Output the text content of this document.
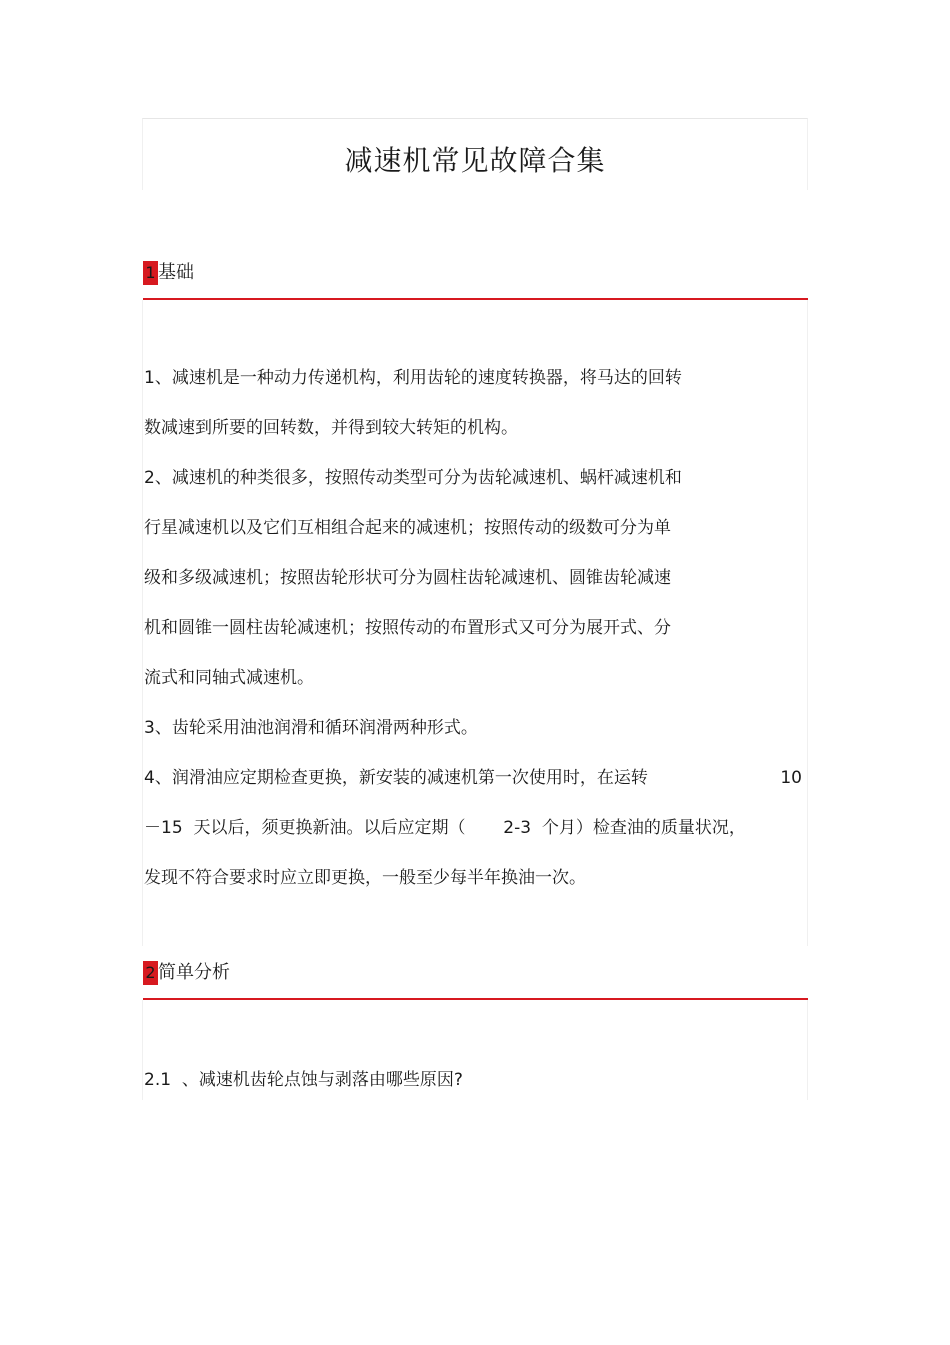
减速机常见故障合集
1 基础
1、减速机是一种动力传递机构，利用齿轮的速度转换器，将马达的回转
数减速到所要的回转数，并得到较大转矩的机构。
2、减速机的种类很多，按照传动类型可分为齿轮减速机、蜗杆减速机和
行星减速机以及它们互相组合起来的减速机；按照传动的级数可分为单
级和多级减速机；按照齿轮形状可分为圆柱齿轮减速机、圆锥齿轮减速
机和圆锥一圆柱齿轮减速机；按照传动的布置形式又可分为展开式、分
流式和同轴式减速机。
3、齿轮采用油池润滑和循环润滑两种形式。
4、润滑油应定期检查更换，新安装的减速机第一次使用时，在运转	10
－15  天以后，须更换新油。以后应定期（       2-3  个月）检查油的质量状况，
发现不符合要求时应立即更换，一般至少每半年换油一次。
2 简单分析
2.1  、减速机齿轮点蚀与剥落由哪些原因?
